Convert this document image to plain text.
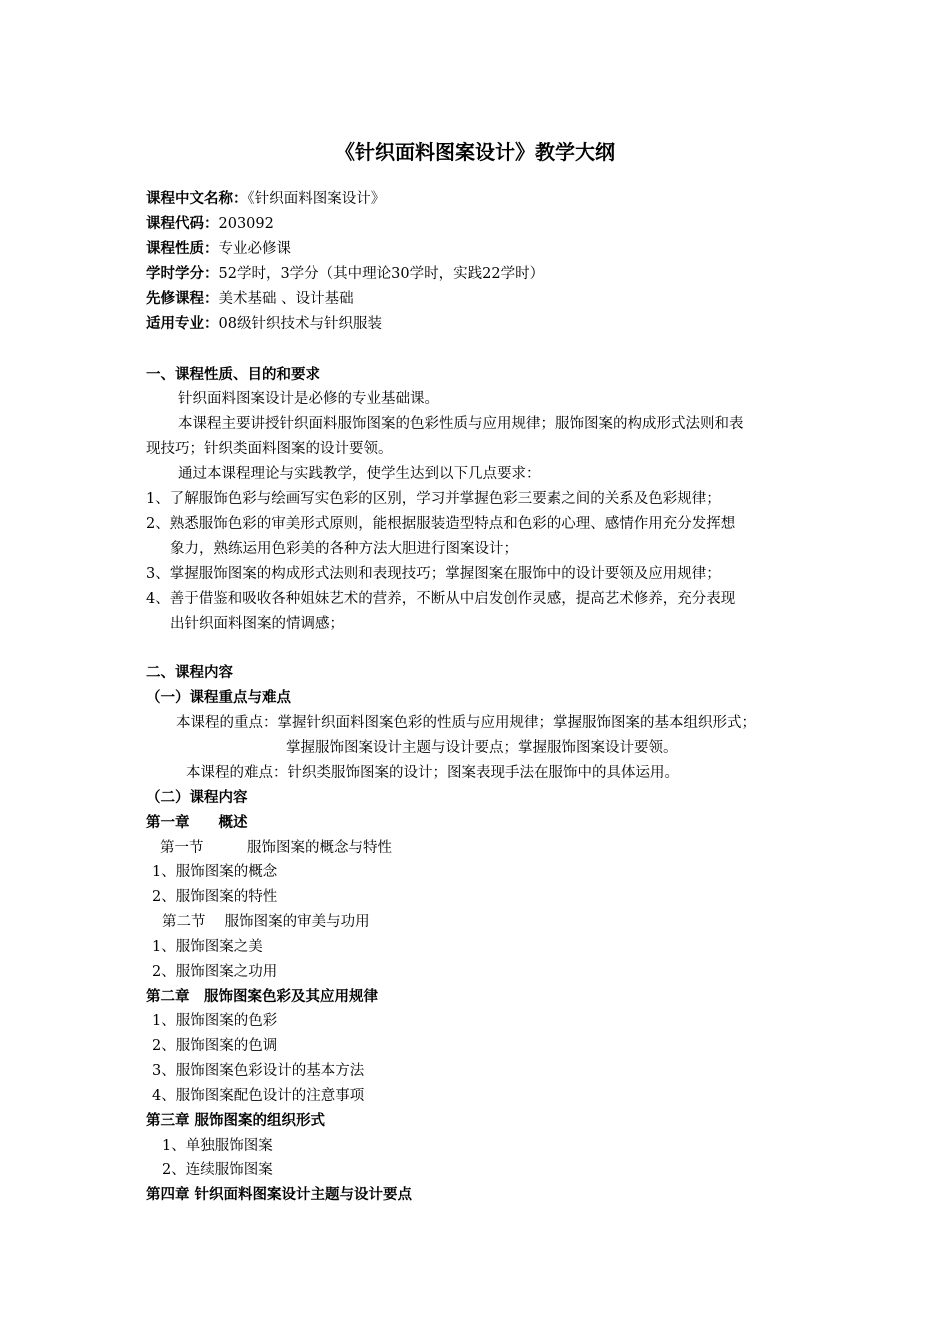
《针织面料图案设计》教学大纲
课程中文名称：《针织面料图案设计》
课程代码：203092
课程性质：专业必修课
学时学分：52学时，3学分（其中理论30学时，实践22学时）
先修课程：美术基础 、设计基础
适用专业：08级针织技术与针织服装
一、课程性质、目的和要求
针织面料图案设计是必修的专业基础课。
本课程主要讲授针织面料服饰图案的色彩性质与应用规律；服饰图案的构成形式法则和表
现技巧；针织类面料图案的设计要领。
通过本课程理论与实践教学，使学生达到以下几点要求：
1、了解服饰色彩与绘画写实色彩的区别，学习并掌握色彩三要素之间的关系及色彩规律；
2、熟悉服饰色彩的审美形式原则，能根据服装造型特点和色彩的心理、感情作用充分发挥想
象力，熟练运用色彩美的各种方法大胆进行图案设计；
3、掌握服饰图案的构成形式法则和表现技巧；掌握图案在服饰中的设计要领及应用规律；
4、善于借鉴和吸收各种姐妹艺术的营养，不断从中启发创作灵感，提高艺术修养，充分表现
出针织面料图案的情调感；
二、课程内容
（一）课程重点与难点
本课程的重点：掌握针织面料图案色彩的性质与应用规律；掌握服饰图案的基本组织形式；
掌握服饰图案设计主题与设计要点；掌握服饰图案设计要领。
本课程的难点：针织类服饰图案的设计；图案表现手法在服饰中的具体运用。
（二）课程内容
第一章　　概述
第一节　　　服饰图案的概念与特性
1、服饰图案的概念
2、服饰图案的特性
第二节　 服饰图案的审美与功用
1、服饰图案之美
2、服饰图案之功用
第二章　服饰图案色彩及其应用规律
1、服饰图案的色彩
2、服饰图案的色调
3、服饰图案色彩设计的基本方法
4、服饰图案配色设计的注意事项
第三章 服饰图案的组织形式
1、单独服饰图案
2、连续服饰图案
第四章 针织面料图案设计主题与设计要点
